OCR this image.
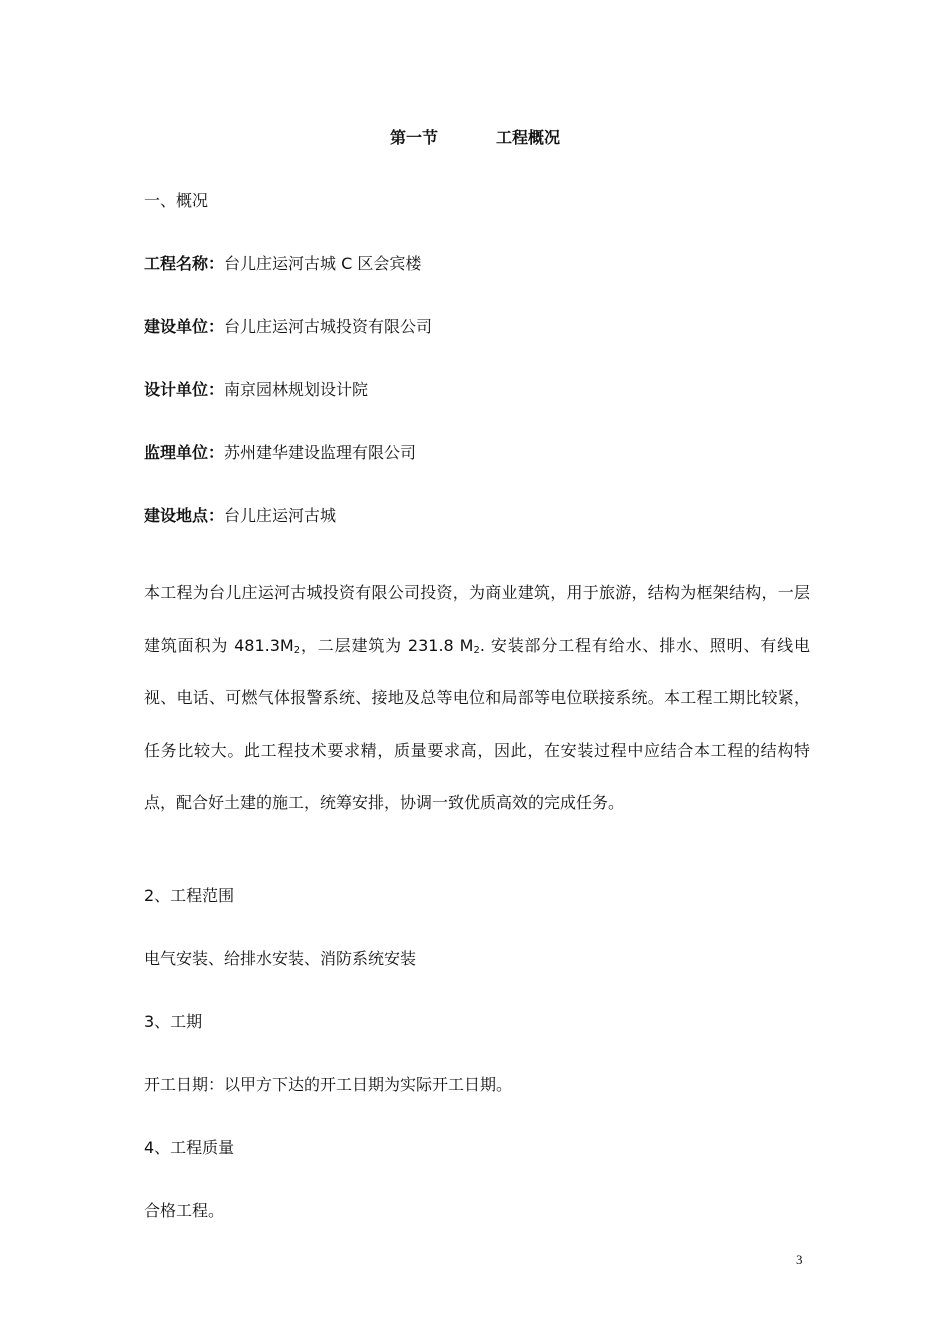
第一节	工程概况
一、概况
工程名称：台儿庄运河古城 C 区会宾楼
建设单位：台儿庄运河古城投资有限公司
设计单位：南京园林规划设计院
监理单位：苏州建华建设监理有限公司
建设地点：台儿庄运河古城

本工程为台儿庄运河古城投资有限公司投资，为商业建筑，用于旅游，结构为框架结构，一层建筑面积为 $481.3M_2$，二层建筑为 231.8 $M_2$. 安装部分工程有给水、排水、照明、有线电视、电话、可燃气体报警系统、接地及总等电位和局部等电位联接系统。本工程工期比较紧，任务比较大。此工程技术要求精，质量要求高，因此，在安装过程中应结合本工程的结构特点，配合好土建的施工，统筹安排，协调一致优质高效的完成任务。

2、工程范围
电气安装、给排水安装、消防系统安装
3、工期
开工日期：以甲方下达的开工日期为实际开工日期。
4、工程质量
合格工程。
3
